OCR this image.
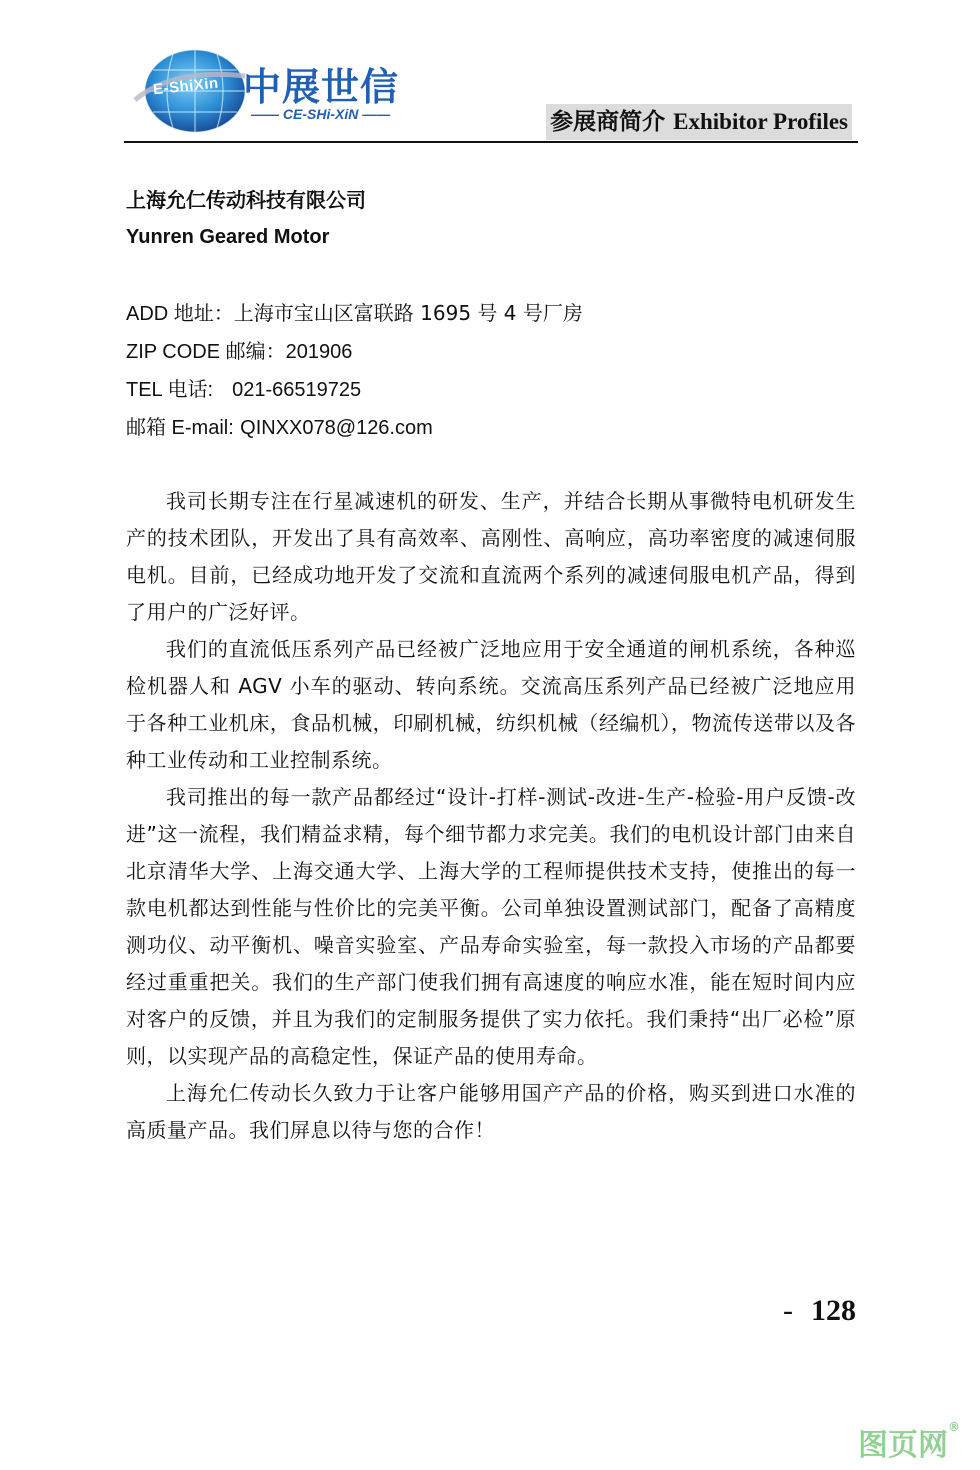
E-ShiXin 中展世信
—— CE-SHi-XiN ——	参展商简介 Exhibitor Profiles

上海允仁传动科技有限公司

Yunren Geared Motor

ADD 地址：上海市宝山区富联路 1695 号 4 号厂房
ZIP CODE 邮编：201906
TEL 电话: 021-66519725
邮箱 E-mail: QINXX078@126.com

我司长期专注在行星减速机的研发、生产，并结合长期从事微特电机研发生产的技术团队，开发出了具有高效率、高刚性、高响应，高功率密度的减速伺服电机。目前，已经成功地开发了交流和直流两个系列的减速伺服电机产品，得到了用户的广泛好评。

我们的直流低压系列产品已经被广泛地应用于安全通道的闸机系统，各种巡检机器人和 AGV 小车的驱动、转向系统。交流高压系列产品已经被广泛地应用于各种工业机床，食品机械，印刷机械，纺织机械（经编机），物流传送带以及各种工业传动和工业控制系统。

我司推出的每一款产品都经过“设计-打样-测试-改进-生产-检验-用户反馈-改进”这一流程，我们精益求精，每个细节都力求完美。我们的电机设计部门由来自北京清华大学、上海交通大学、上海大学的工程师提供技术支持，使推出的每一款电机都达到性能与性价比的完美平衡。公司单独设置测试部门，配备了高精度测功仪、动平衡机、噪音实验室、产品寿命实验室，每一款投入市场的产品都要经过重重把关。我们的生产部门使我们拥有高速度的响应水准，能在短时间内应对客户的反馈，并且为我们的定制服务提供了实力依托。我们秉持“出厂必检”原则，以实现产品的高稳定性，保证产品的使用寿命。

上海允仁传动长久致力于让客户能够用国产产品的价格，购买到进口水准的高质量产品。我们屏息以待与您的合作！

- 128
图页网®
